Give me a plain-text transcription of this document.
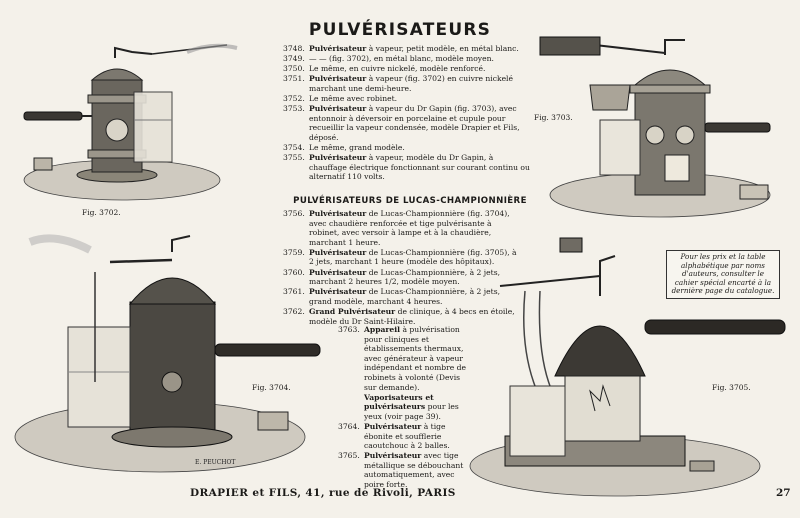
PULVÉRISATEURS
E. PEUCHOT
3748. Pulvérisateur à vapeur, petit modèle, en métal blanc.
3749. — — (fig. 3702), en métal blanc, modèle moyen.
3750. Le même, en cuivre nickelé, modèle renforcé.
3751. Pulvérisateur à vapeur (fig. 3702) en cuivre nickelé marchant une demi-heure.
3752. Le même avec robinet.
3753. Pulvérisateur à vapeur du Dr Gapin (fig. 3703), avec entonnoir à déversoir en porcelaine et cupule pour recueillir la vapeur condensée, modèle Drapier et Fils, déposé.
3754. Le même, grand modèle.
3755. Pulvérisateur à vapeur, modèle du Dr Gapin, à chauffage électrique fonctionnant sur courant continu ou alternatif 110 volts.
PULVÉRISATEURS DE LUCAS-CHAMPIONNIÈRE
3756. Pulvérisateur de Lucas-Championnière (fig. 3704), avec chaudière renforcée et tige pulvérisante à robinet, avec versoir à lampe et à la chaudière, marchant 1 heure.
3759. Pulvérisateur de Lucas-Championnière (fig. 3705), à 2 jets, marchant 1 heure (modèle des hôpitaux).
3760. Pulvérisateur de Lucas-Championnière, à 2 jets, marchant 2 heures 1/2, modèle moyen.
3761. Pulvérisateur de Lucas-Championnière, à 2 jets, grand modèle, marchant 4 heures.
3762. Grand Pulvérisateur de clinique, à 4 becs en étoile, modèle du Dr Saint-Hilaire.
3763. Appareil à pulvérisation pour cliniques et établissements thermaux, avec générateur à vapeur indépendant et nombre de robinets à volonté (Devis sur demande).
Vaporisateurs et pulvérisateurs pour les yeux (voir page 39).
3764. Pulvérisateur à tige ébonite et soufflerie caoutchouc à 2 balles.
3765. Pulvérisateur avec tige métallique se débouchant automatiquement, avec poire forte.
Fig. 3702.
Fig. 3703.
Fig. 3704.	Fig. 3705.
Pour les prix et la table alphabétique par noms d'auteurs, consulter le cahier spécial encarté à la dernière page du catalogue.
DRAPIER et FILS, 41, rue de Rivoli, PARIS	27
